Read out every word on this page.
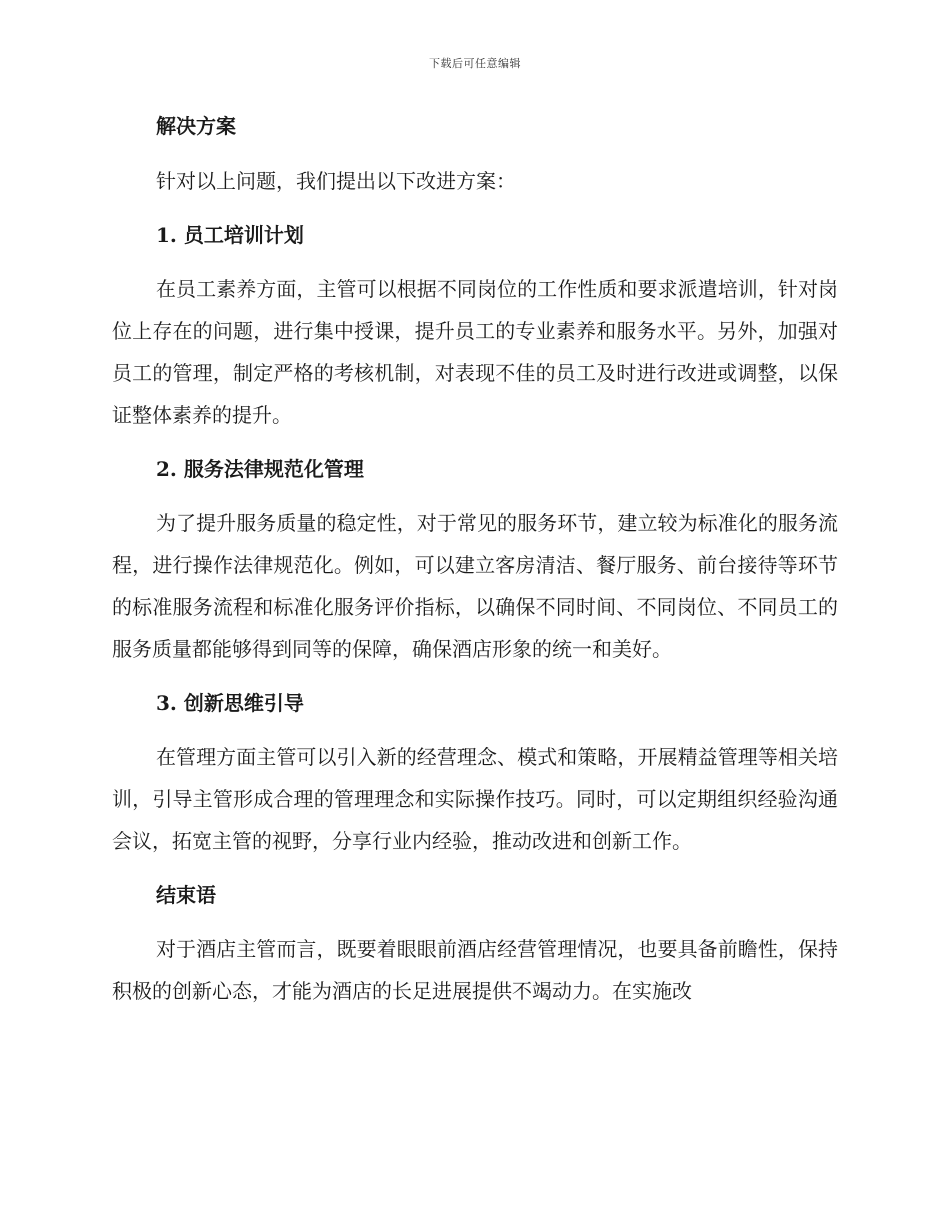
下载后可任意编辑
解决方案

针对以上问题，我们提出以下改进方案：

1. 员工培训计划

在员工素养方面，主管可以根据不同岗位的工作性质和要求派遣培训，针对岗位上存在的问题，进行集中授课，提升员工的专业素养和服务水平。另外，加强对员工的管理，制定严格的考核机制，对表现不佳的员工及时进行改进或调整，以保证整体素养的提升。

2. 服务法律规范化管理

为了提升服务质量的稳定性，对于常见的服务环节，建立较为标准化的服务流程，进行操作法律规范化。例如，可以建立客房清洁、餐厅服务、前台接待等环节的标准服务流程和标准化服务评价指标，以确保不同时间、不同岗位、不同员工的服务质量都能够得到同等的保障，确保酒店形象的统一和美好。

3. 创新思维引导

在管理方面主管可以引入新的经营理念、模式和策略，开展精益管理等相关培训，引导主管形成合理的管理理念和实际操作技巧。同时，可以定期组织经验沟通会议，拓宽主管的视野，分享行业内经验，推动改进和创新工作。

结束语

对于酒店主管而言，既要着眼眼前酒店经营管理情况，也要具备前瞻性，保持积极的创新心态，才能为酒店的长足进展提供不竭动力。在实施改
